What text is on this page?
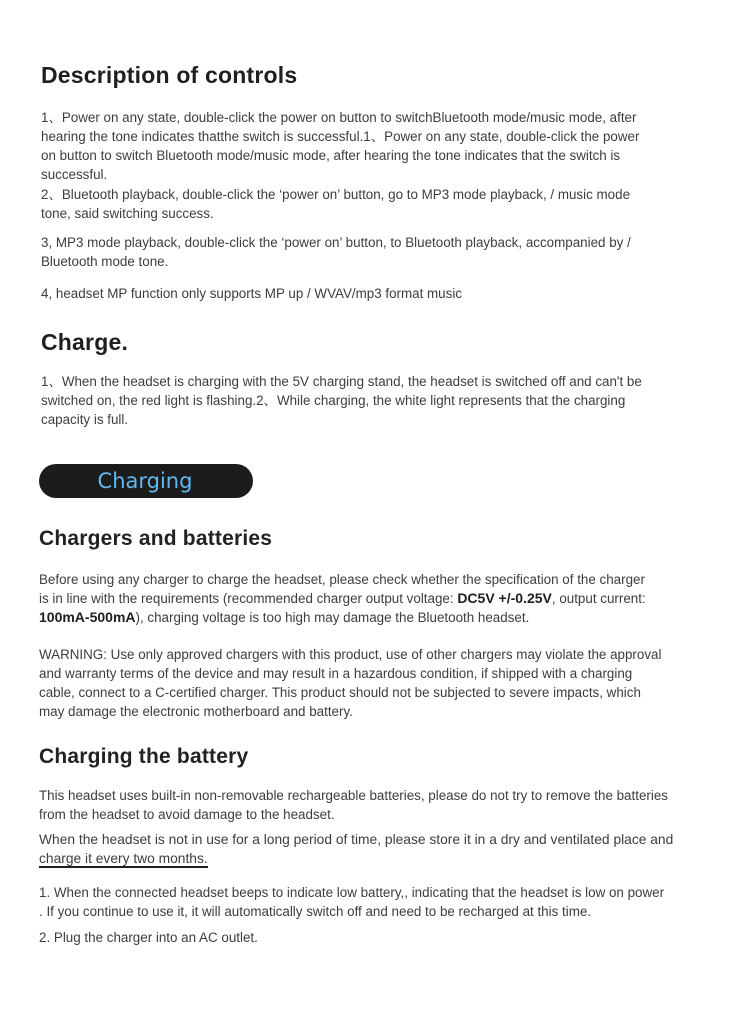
Description of controls

1、Power on any state, double-click the power on button to switchBluetooth mode/music mode, after
hearing the tone indicates thatthe switch is successful.1、Power on any state, double-click the power
on button to switch Bluetooth mode/music mode, after hearing the tone indicates that the switch is
successful.

2、Bluetooth playback, double-click the ‘power on’ button, go to MP3 mode playback, / music mode
tone, said switching success.

3, MP3 mode playback, double-click the ‘power on’ button, to Bluetooth playback, accompanied by /
Bluetooth mode tone.

4, headset MP function only supports MP up / WVAV/mp3 format music

Charge.

1、When the headset is charging with the 5V charging stand, the headset is switched off and can't be
switched on, the red light is flashing.2、While charging, the white light represents that the charging
capacity is full.

Charging
Chargers and batteries

Before using any charger to charge the headset, please check whether the specification of the charger
is in line with the requirements (recommended charger output voltage: DC5V +/-0.25V, output current:
100mA-500mA), charging voltage is too high may damage the Bluetooth headset.

WARNING: Use only approved chargers with this product, use of other chargers may violate the approval
and warranty terms of the device and may result in a hazardous condition, if shipped with a charging
cable, connect to a C-certified charger. This product should not be subjected to severe impacts, which
may damage the electronic motherboard and battery.

Charging the battery

This headset uses built-in non-removable rechargeable batteries, please do not try to remove the batteries
from the headset to avoid damage to the headset.

When the headset is not in use for a long period of time, please store it in a dry and ventilated place and
charge it every two months.

1. When the connected headset beeps to indicate low battery,, indicating that the headset is low on power
. If you continue to use it, it will automatically switch off and need to be recharged at this time.

2. Plug the charger into an AC outlet.
